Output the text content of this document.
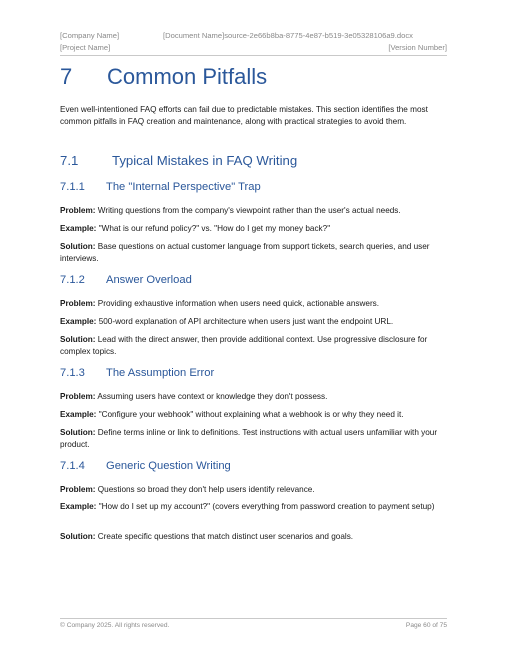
[Company Name]	[Document Name]source-2e66b8ba-8775-4e87-b519-3e05328106a9.docx
[Project Name]	[Version Number]
7 Common Pitfalls
Even well-intentioned FAQ efforts can fail due to predictable mistakes. This section identifies the most common pitfalls in FAQ creation and maintenance, along with practical strategies to avoid them.
7.1	Typical Mistakes in FAQ Writing
7.1.1 The "Internal Perspective" Trap
Problem: Writing questions from the company's viewpoint rather than the user's actual needs.
Example: "What is our refund policy?" vs. "How do I get my money back?"
Solution: Base questions on actual customer language from support tickets, search queries, and user interviews.
7.1.2 Answer Overload
Problem: Providing exhaustive information when users need quick, actionable answers.
Example: 500-word explanation of API architecture when users just want the endpoint URL.
Solution: Lead with the direct answer, then provide additional context. Use progressive disclosure for complex topics.
7.1.3 The Assumption Error
Problem: Assuming users have context or knowledge they don't possess.
Example: "Configure your webhook" without explaining what a webhook is or why they need it.
Solution: Define terms inline or link to definitions. Test instructions with actual users unfamiliar with your product.
7.1.4 Generic Question Writing
Problem: Questions so broad they don't help users identify relevance.
Example: "How do I set up my account?" (covers everything from password creation to payment setup)
Solution: Create specific questions that match distinct user scenarios and goals.
© Company 2025. All rights reserved.	Page 60 of 75
